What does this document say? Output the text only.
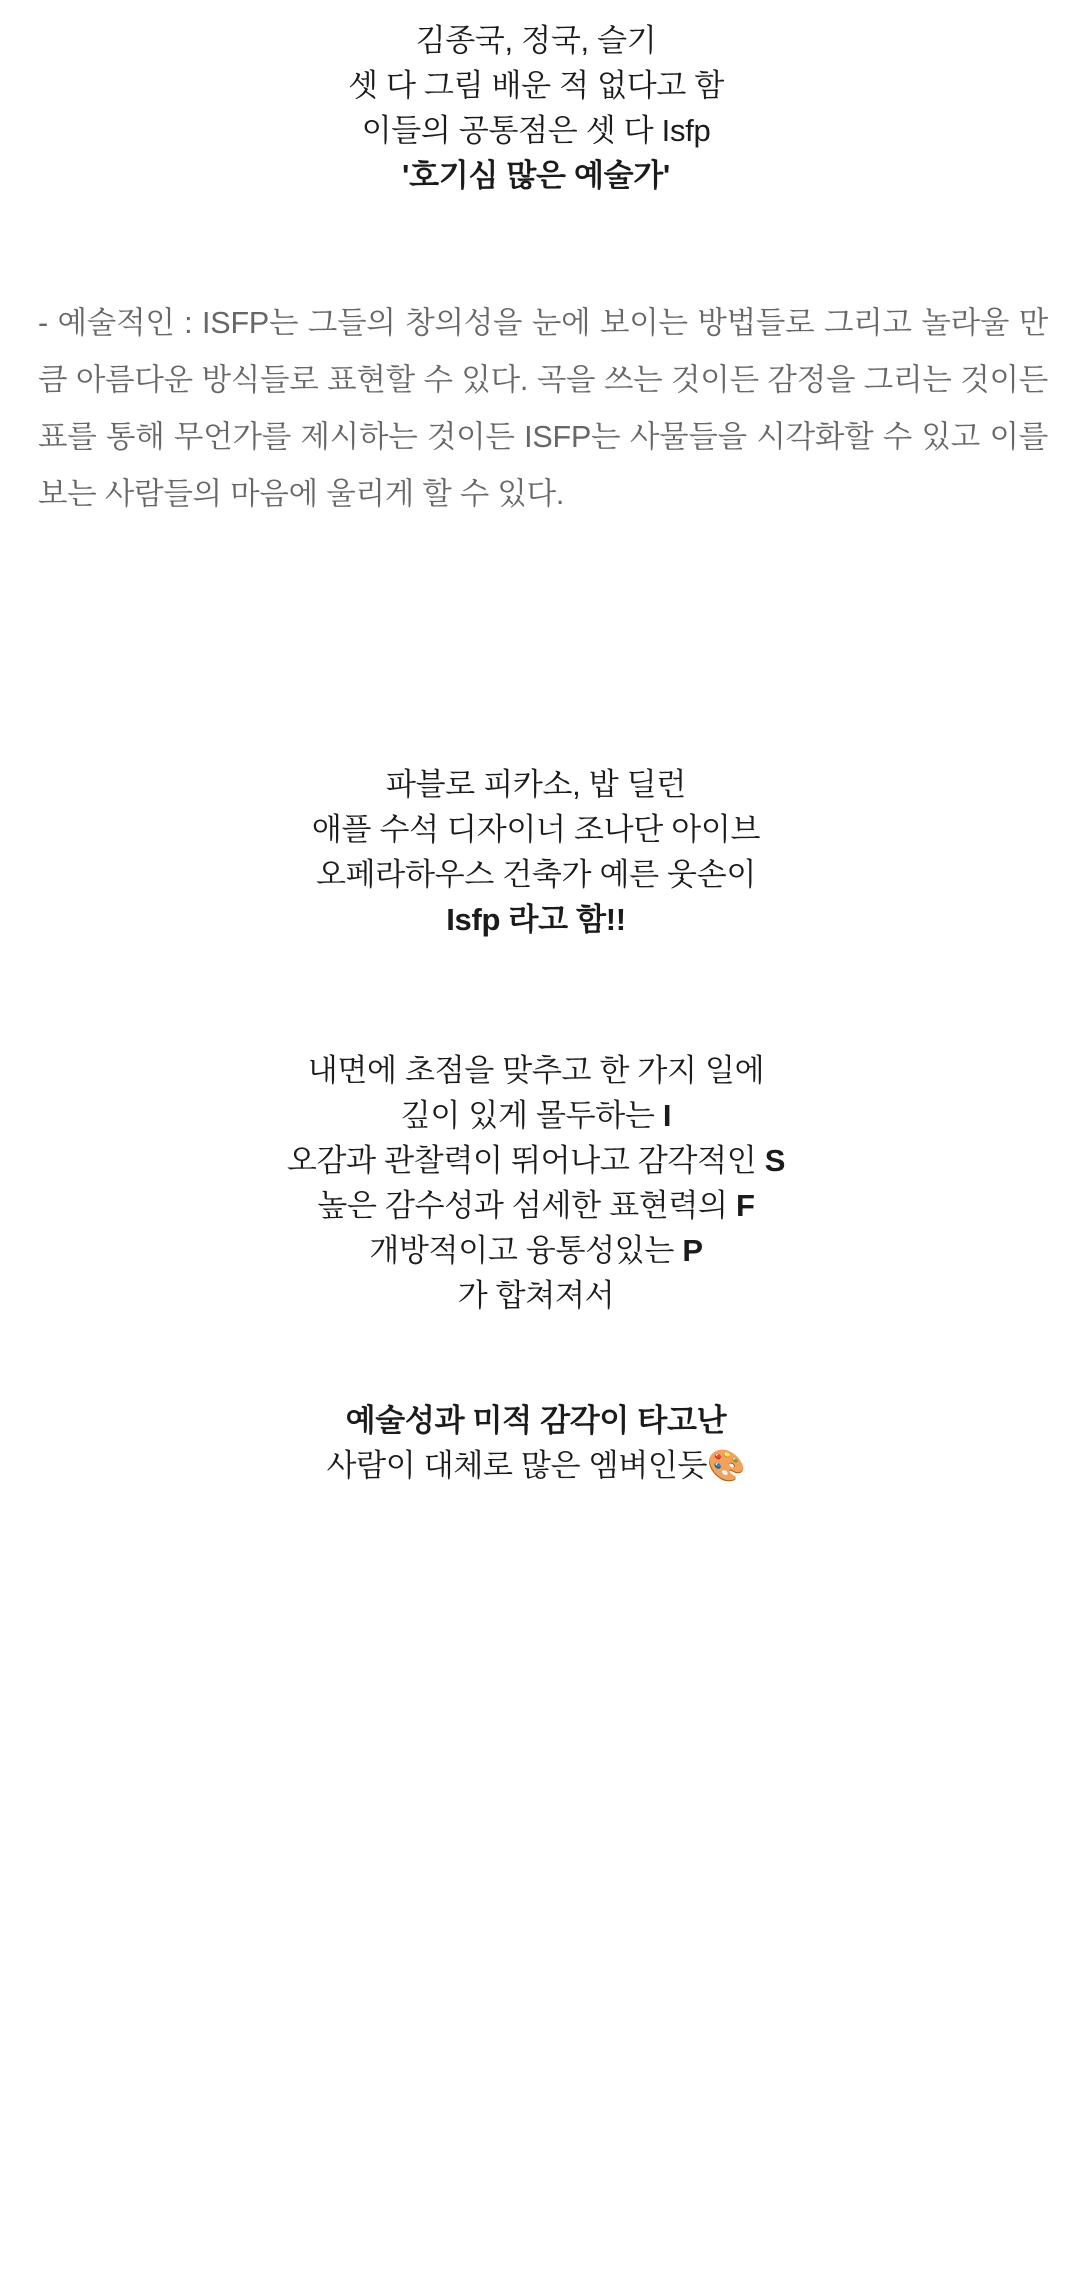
김종국, 정국, 슬기
셋 다 그림 배운 적 없다고 함
이들의 공통점은 셋 다 Isfp
'호기심 많은 예술가'

- 예술적인 : ISFP는 그들의 창의성을 눈에 보이는 방법들로 그리고 놀라울 만큼 아름다운 방식들로 표현할 수 있다. 곡을 쓰는 것이든 감정을 그리는 것이든 표를 통해 무언가를 제시하는 것이든 ISFP는 사물들을 시각화할 수 있고 이를 보는 사람들의 마음에 울리게 할 수 있다.

파블로 피카소, 밥 딜런
애플 수석 디자이너 조나단 아이브
오페라하우스 건축가 예른 웃손이
Isfp 라고 함!!
내면에 초점을 맞추고 한 가지 일에
깊이 있게 몰두하는 I
오감과 관찰력이 뛰어나고 감각적인 S
높은 감수성과 섬세한 표현력의 F
개방적이고 융통성있는 P
가 합쳐져서
예술성과 미적 감각이 타고난
사람이 대체로 많은 엠벼인듯🎨
